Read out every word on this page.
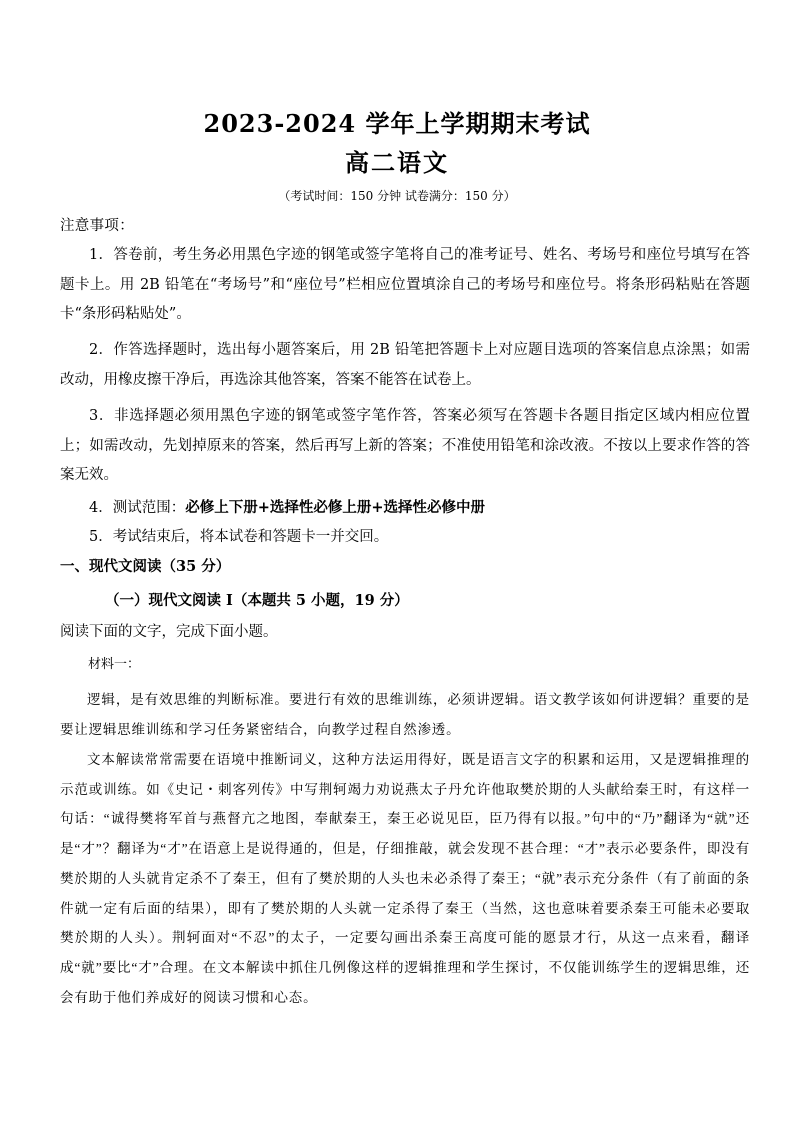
2023-2024 学年上学期期末考试
高二语文
（考试时间：150 分钟 试卷满分：150 分）
注意事项：
1．答卷前，考生务必用黑色字迹的钢笔或签字笔将自己的准考证号、姓名、考场号和座位号填写在答题卡上。用 2B 铅笔在“考场号”和“座位号”栏相应位置填涂自己的考场号和座位号。将条形码粘贴在答题卡“条形码粘贴处”。
2．作答选择题时，选出每小题答案后，用 2B 铅笔把答题卡上对应题目选项的答案信息点涂黑；如需改动，用橡皮擦干净后，再选涂其他答案，答案不能答在试卷上。
3．非选择题必须用黑色字迹的钢笔或签字笔作答，答案必须写在答题卡各题目指定区域内相应位置上；如需改动，先划掉原来的答案，然后再写上新的答案；不准使用铅笔和涂改液。不按以上要求作答的答案无效。
4．测试范围：必修上下册+选择性必修上册+选择性必修中册
5．考试结束后，将本试卷和答题卡一并交回。
一、现代文阅读（35 分）
（一）现代文阅读 I（本题共 5 小题，19 分）
阅读下面的文字，完成下面小题。
材料一：
逻辑，是有效思维的判断标准。要进行有效的思维训练，必须讲逻辑。语文教学该如何讲逻辑？重要的是要让逻辑思维训练和学习任务紧密结合，向教学过程自然渗透。
文本解读常常需要在语境中推断词义，这种方法运用得好，既是语言文字的积累和运用，又是逻辑推理的示范或训练。如《史记・刺客列传》中写荆轲竭力劝说燕太子丹允许他取樊於期的人头献给秦王时，有这样一句话：“诚得樊将军首与燕督亢之地图，奉献秦王，秦王必说见臣，臣乃得有以报。”句中的“乃”翻译为“就”还是“才”？翻译为“才”在语意上是说得通的，但是，仔细推敲，就会发现不甚合理：“才”表示必要条件，即没有樊於期的人头就肯定杀不了秦王，但有了樊於期的人头也未必杀得了秦王；“就”表示充分条件（有了前面的条件就一定有后面的结果），即有了樊於期的人头就一定杀得了秦王（当然，这也意味着要杀秦王可能未必要取樊於期的人头）。荆轲面对“不忍”的太子，一定要勾画出杀秦王高度可能的愿景才行，从这一点来看，翻译成“就”要比“才”合理。在文本解读中抓住几例像这样的逻辑推理和学生探讨，不仅能训练学生的逻辑思维，还会有助于他们养成好的阅读习惯和心态。
